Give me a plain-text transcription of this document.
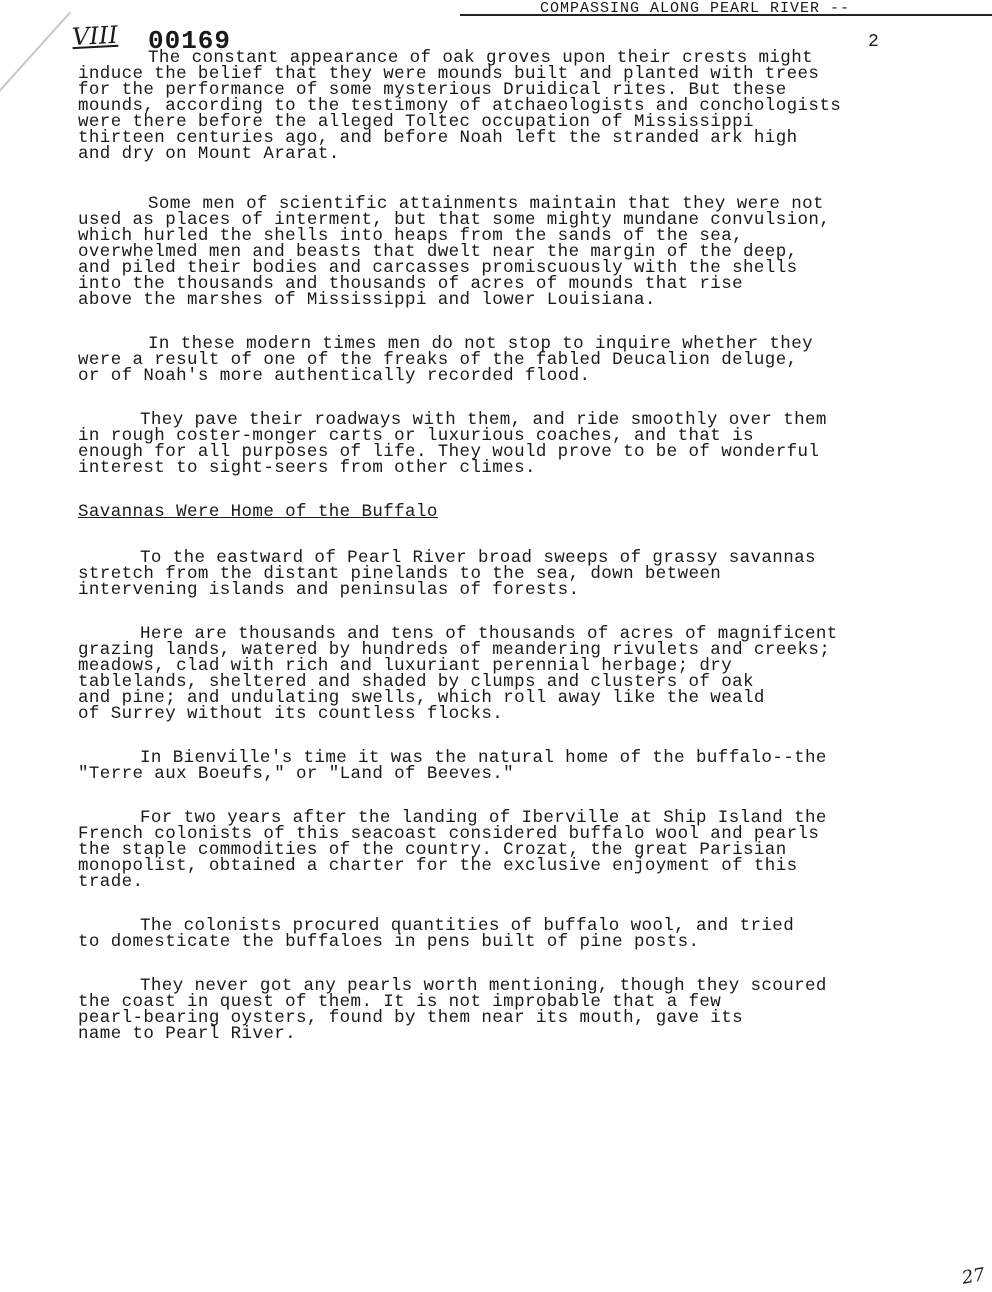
COMPASSING ALONG PEARL RIVER --
VIII 00169	2

The constant appearance of oak groves upon their crests might
induce the belief that they were mounds built and planted with trees
for the performance of some mysterious Druidical rites. But these
mounds, according to the testimony of atchaeologists and conchologists
were there before the alleged Toltec occupation of Mississippi
thirteen centuries ago, and before Noah left the stranded ark high
and dry on Mount Ararat.

Some men of scientific attainments maintain that they were not
used as places of interment, but that some mighty mundane convulsion,
which hurled the shells into heaps from the sands of the sea,
overwhelmed men and beasts that dwelt near the margin of the deep,
and piled their bodies and carcasses promiscuously with the shells
into the thousands and thousands of acres of mounds that rise
above the marshes of Mississippi and lower Louisiana.

In these modern times men do not stop to inquire whether they
were a result of one of the freaks of the fabled Deucalion deluge,
or of Noah's more authentically recorded flood.

They pave their roadways with them, and ride smoothly over them
in rough coster-monger carts or luxurious coaches, and that is
enough for all purposes of life. They would prove to be of wonderful
interest to sight-seers from other climes.

Savannas Were Home of the Buffalo

To the eastward of Pearl River broad sweeps of grassy savannas
stretch from the distant pinelands to the sea, down between
intervening islands and peninsulas of forests.

Here are thousands and tens of thousands of acres of magnificent
grazing lands, watered by hundreds of meandering rivulets and creeks;
meadows, clad with rich and luxuriant perennial herbage; dry
tablelands, sheltered and shaded by clumps and clusters of oak
and pine; and undulating swells, which roll away like the weald
of Surrey without its countless flocks.

In Bienville's time it was the natural home of the buffalo--the
"Terre aux Boeufs," or "Land of Beeves."

For two years after the landing of Iberville at Ship Island the
French colonists of this seacoast considered buffalo wool and pearls
the staple commodities of the country. Crozat, the great Parisian
monopolist, obtained a charter for the exclusive enjoyment of this
trade.

The colonists procured quantities of buffalo wool, and tried
to domesticate the buffaloes in pens built of pine posts.

They never got any pearls worth mentioning, though they scoured
the coast in quest of them. It is not improbable that a few
pearl-bearing oysters, found by them near its mouth, gave its
name to Pearl River.

27
